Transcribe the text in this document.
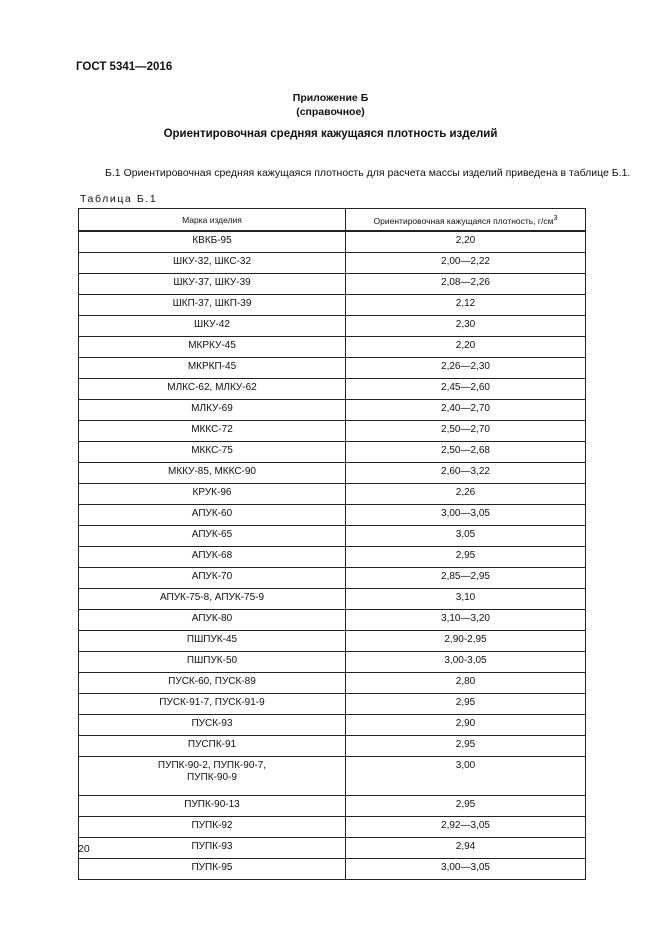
ГОСТ 5341—2016
Приложение Б
(справочное)
Ориентировочная средняя кажущаяся плотность изделий
Б.1 Ориентировочная средняя кажущаяся плотность для расчета массы изделий приведена в таблице Б.1.
Таблица Б.1
Марка изделия	Ориентировочная кажущаяся плотность, $г/см^3$
КВКБ-95	2,20
ШКУ-32, ШКС-32	2,00—2,22
ШКУ-37, ШКУ-39	2,08—2,26
ШКП-37, ШКП-39	2,12
ШКУ-42	2,30
МКРКУ-45	2,20
МКРКП-45	2,26—2,30
МЛКС-62, МЛКУ-62	2,45—2,60
МЛКУ-69	2,40—2,70
МККС-72	2,50—2,70
МККС-75	2,50—2,68
МККУ-85, МККС-90	2,60—3,22
КРУК-96	2,26
АПУК-60	3,00—3,05
АПУК-65	3,05
АПУК-68	2,95
АПУК-70	2,85—2,95
АПУК-75-8, АПУК-75-9	3,10
АПУК-80	3,10—3,20
ПШПУК-45	2,90-2,95
ПШПУК-50	3,00-3,05
ПУСК-60, ПУСК-89	2,80
ПУСК-91-7, ПУСК-91-9	2,95
ПУСК-93	2,90
ПУСПК-91	2,95
ПУПК-90-2, ПУПК-90-7,
ПУПК-90-9	3,00
ПУПК-90-13	2,95
ПУПК-92	2,92—3,05
ПУПК-93	2,94
ПУПК-95	3,00—3,05
20
